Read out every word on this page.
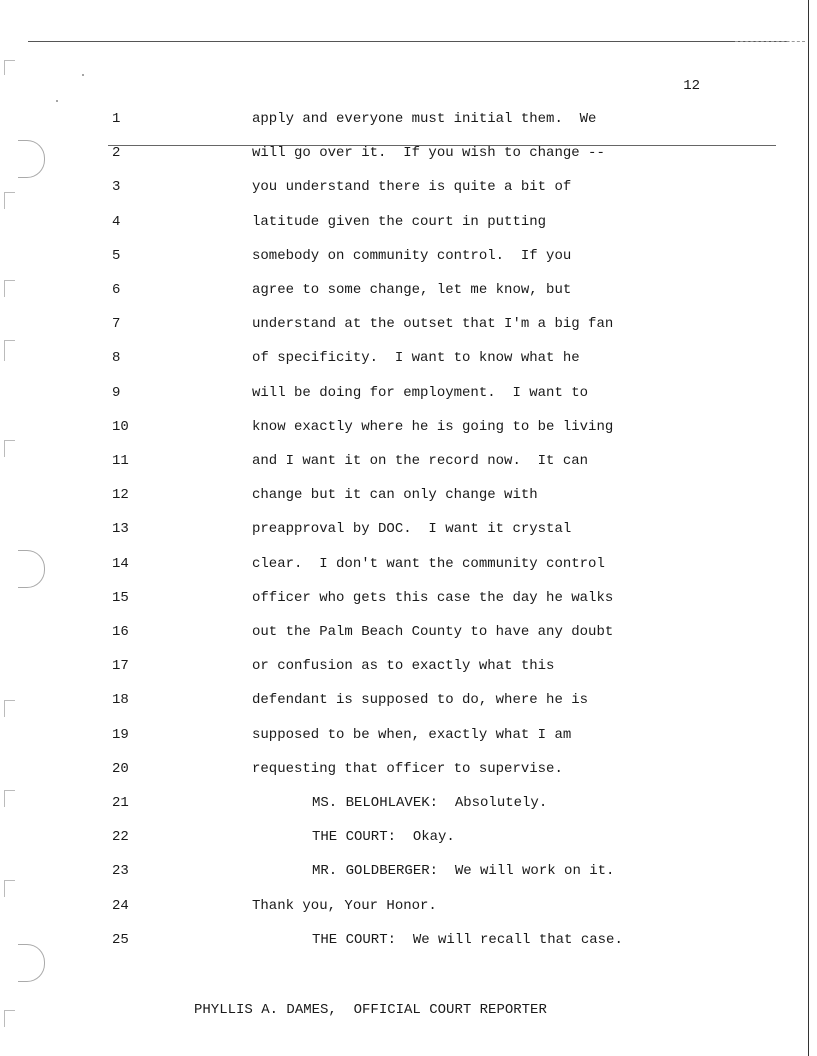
12
1	apply and everyone must initial them.  We
2	will go over it.  If you wish to change --
3	you understand there is quite a bit of
4	latitude given the court in putting
5	somebody on community control.  If you
6	agree to some change, let me know, but
7	understand at the outset that I'm a big fan
8	of specificity.  I want to know what he
9	will be doing for employment.  I want to
10	know exactly where he is going to be living
11	and I want it on the record now.  It can
12	change but it can only change with
13	preapproval by DOC.  I want it crystal
14	clear.  I don't want the community control
15	officer who gets this case the day he walks
16	out the Palm Beach County to have any doubt
17	or confusion as to exactly what this
18	defendant is supposed to do, where he is
19	supposed to be when, exactly what I am
20	requesting that officer to supervise.
21	MS. BELOHLAVEK:  Absolutely.
22	THE COURT:  Okay.
23	MR. GOLDBERGER:  We will work on it.
24	Thank you, Your Honor.
25	THE COURT:  We will recall that case.
PHYLLIS A. DAMES,  OFFICIAL COURT REPORTER
